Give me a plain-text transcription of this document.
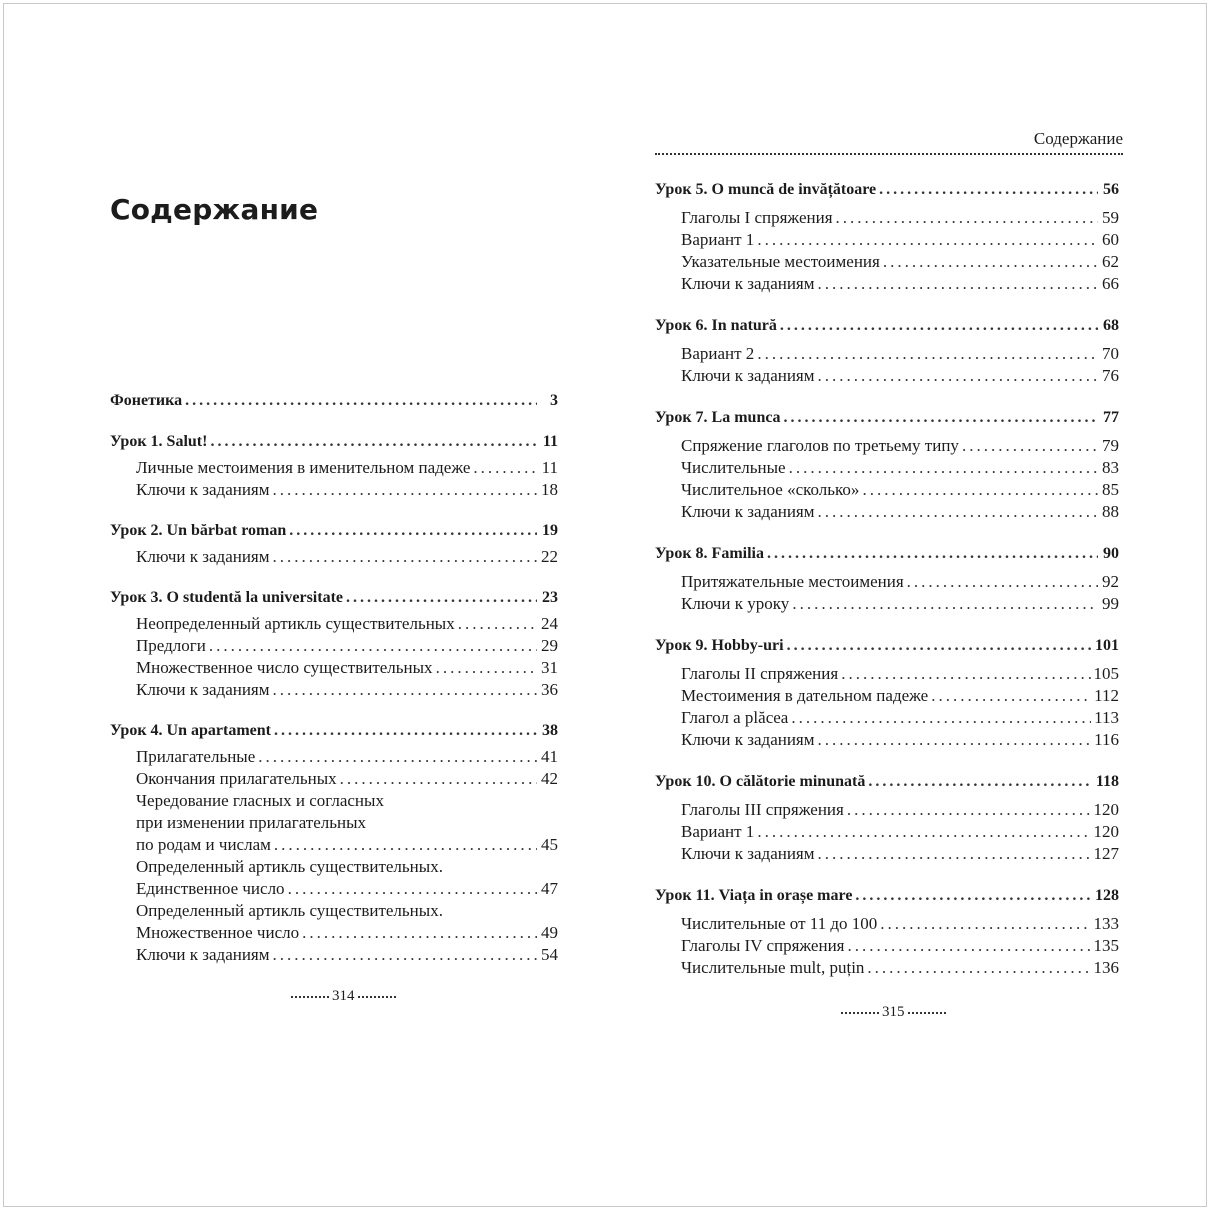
Содержание
Фонетика .....	3
Урок 1. Salut! .....	11
Личные местоимения в именительном падеже .....	11
Ключи к заданиям .....	18
Урок 2. Un bărbat roman .....	19
Ключи к заданиям .....	22
Урок 3. O studentă la universitate .....	23
Неопределенный артикль существительных .....	24
Предлоги .....	29
Множественное число существительных .....	31
Ключи к заданиям .....	36
Урок 4. Un apartament .....	38
Прилагательные .....	41
Окончания прилагательных .....	42
Чередование гласных и согласных
при изменении прилагательных
по родам и числам .....	45
Определенный артикль существительных.
Единственное число .....	47
Определенный артикль существительных.
Множественное число .....	49
Ключи к заданиям .....	54
Содержание
Урок 5. O muncă de invățătoare .....	56
Глаголы I спряжения .....	59
Вариант 1 .....	60
Указательные местоимения .....	62
Ключи к заданиям .....	66
Урок 6. In natură .....	68
Вариант 2 .....	70
Ключи к заданиям .....	76
Урок 7. La munca .....	77
Спряжение глаголов по третьему типу .....	79
Числительные .....	83
Числительное «сколько» .....	85
Ключи к заданиям .....	88
Урок 8. Familia .....	90
Притяжательные местоимения .....	92
Ключи к уроку .....	99
Урок 9. Hobby-uri .....	101
Глаголы II спряжения .....	105
Местоимения в дательном падеже .....	112
Глагол a plăcea .....	113
Ключи к заданиям .....	116
Урок 10. O călătorie minunată .....	118
Глаголы III спряжения .....	120
Вариант 1 .....	120
Ключи к заданиям .....	127
Урок 11. Viața in orașe mare .....	128
Числительные от 11 до 100 .....	133
Глаголы IV спряжения .....	135
Числительные mult, puțin .....	136
314
315
